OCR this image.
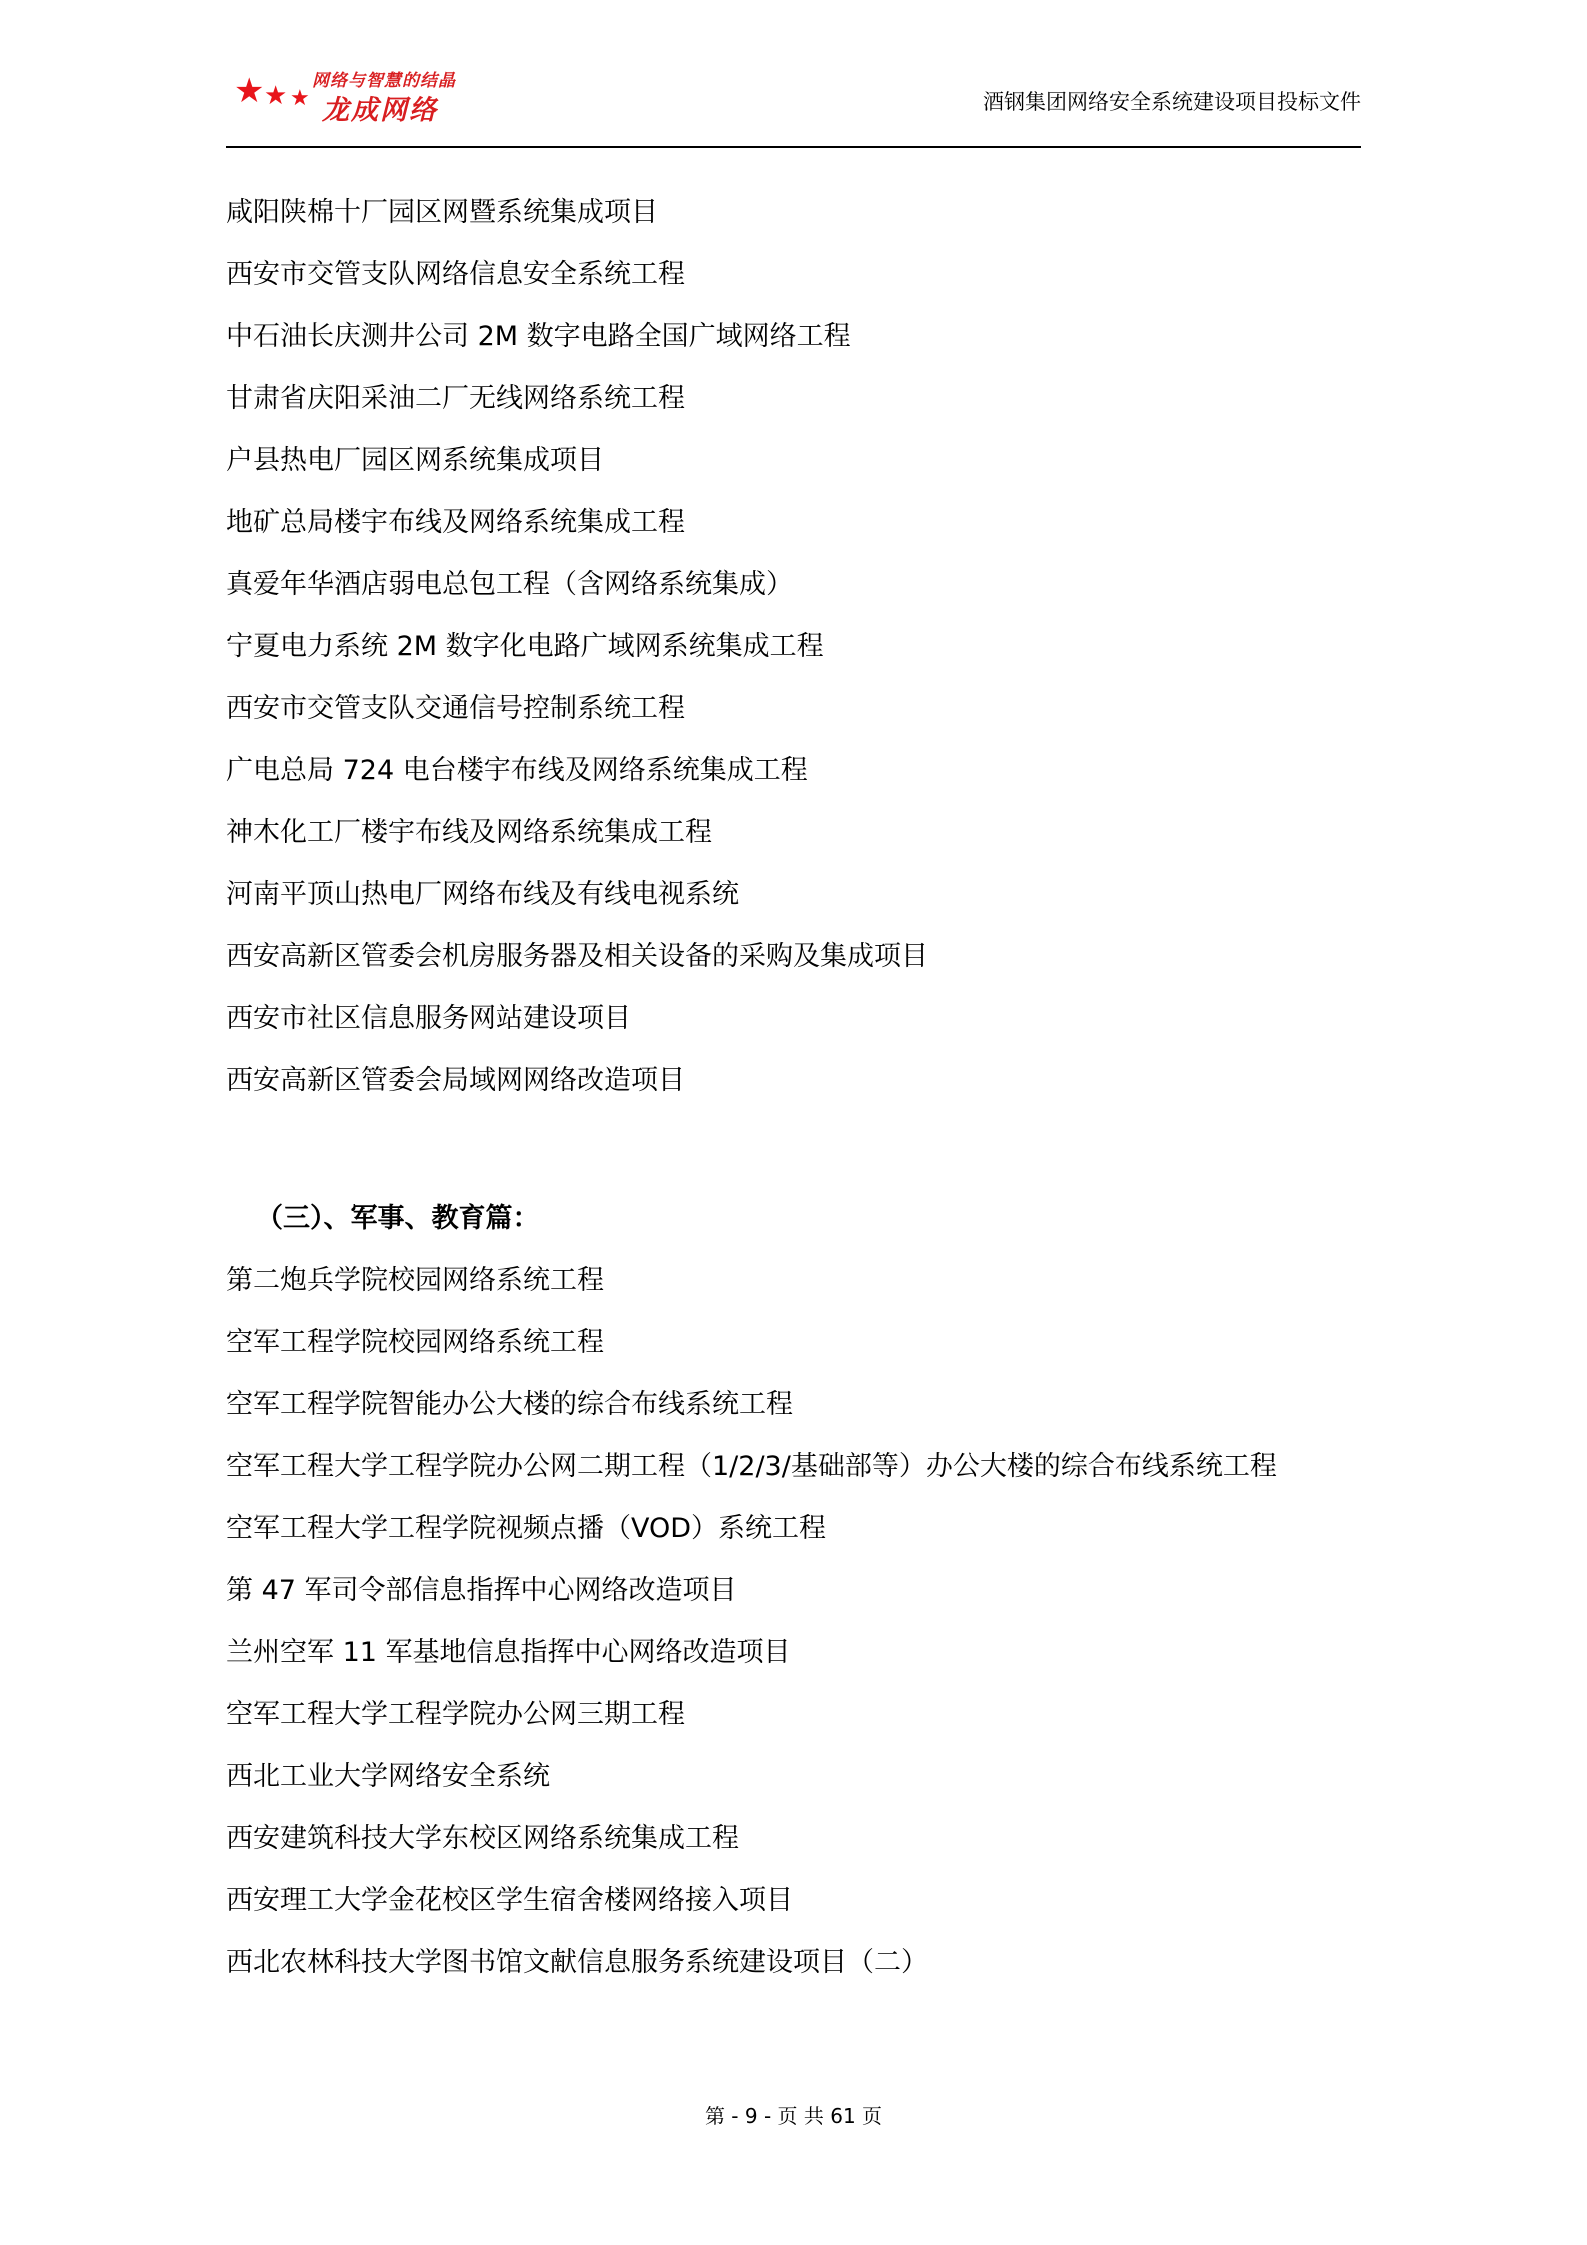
★ ★ ★
网络与智慧的结晶
龙成网络	酒钢集团网络安全系统建设项目投标文件
咸阳陕棉十厂园区网暨系统集成项目
西安市交管支队网络信息安全系统工程
中石油长庆测井公司 2M 数字电路全国广域网络工程
甘肃省庆阳采油二厂无线网络系统工程
户县热电厂园区网系统集成项目
地矿总局楼宇布线及网络系统集成工程
真爱年华酒店弱电总包工程（含网络系统集成）
宁夏电力系统 2M 数字化电路广域网系统集成工程
西安市交管支队交通信号控制系统工程
广电总局 724 电台楼宇布线及网络系统集成工程
神木化工厂楼宇布线及网络系统集成工程
河南平顶山热电厂网络布线及有线电视系统
西安高新区管委会机房服务器及相关设备的采购及集成项目
西安市社区信息服务网站建设项目
西安高新区管委会局域网网络改造项目
（三）、军事、教育篇：
第二炮兵学院校园网络系统工程
空军工程学院校园网络系统工程
空军工程学院智能办公大楼的综合布线系统工程
空军工程大学工程学院办公网二期工程（1/2/3/基础部等）办公大楼的综合布线系统工程
空军工程大学工程学院视频点播（VOD）系统工程
第 47 军司令部信息指挥中心网络改造项目
兰州空军 11 军基地信息指挥中心网络改造项目
空军工程大学工程学院办公网三期工程
西北工业大学网络安全系统
西安建筑科技大学东校区网络系统集成工程
西安理工大学金花校区学生宿舍楼网络接入项目
西北农林科技大学图书馆文献信息服务系统建设项目（二）
第 - 9 - 页 共 61 页
